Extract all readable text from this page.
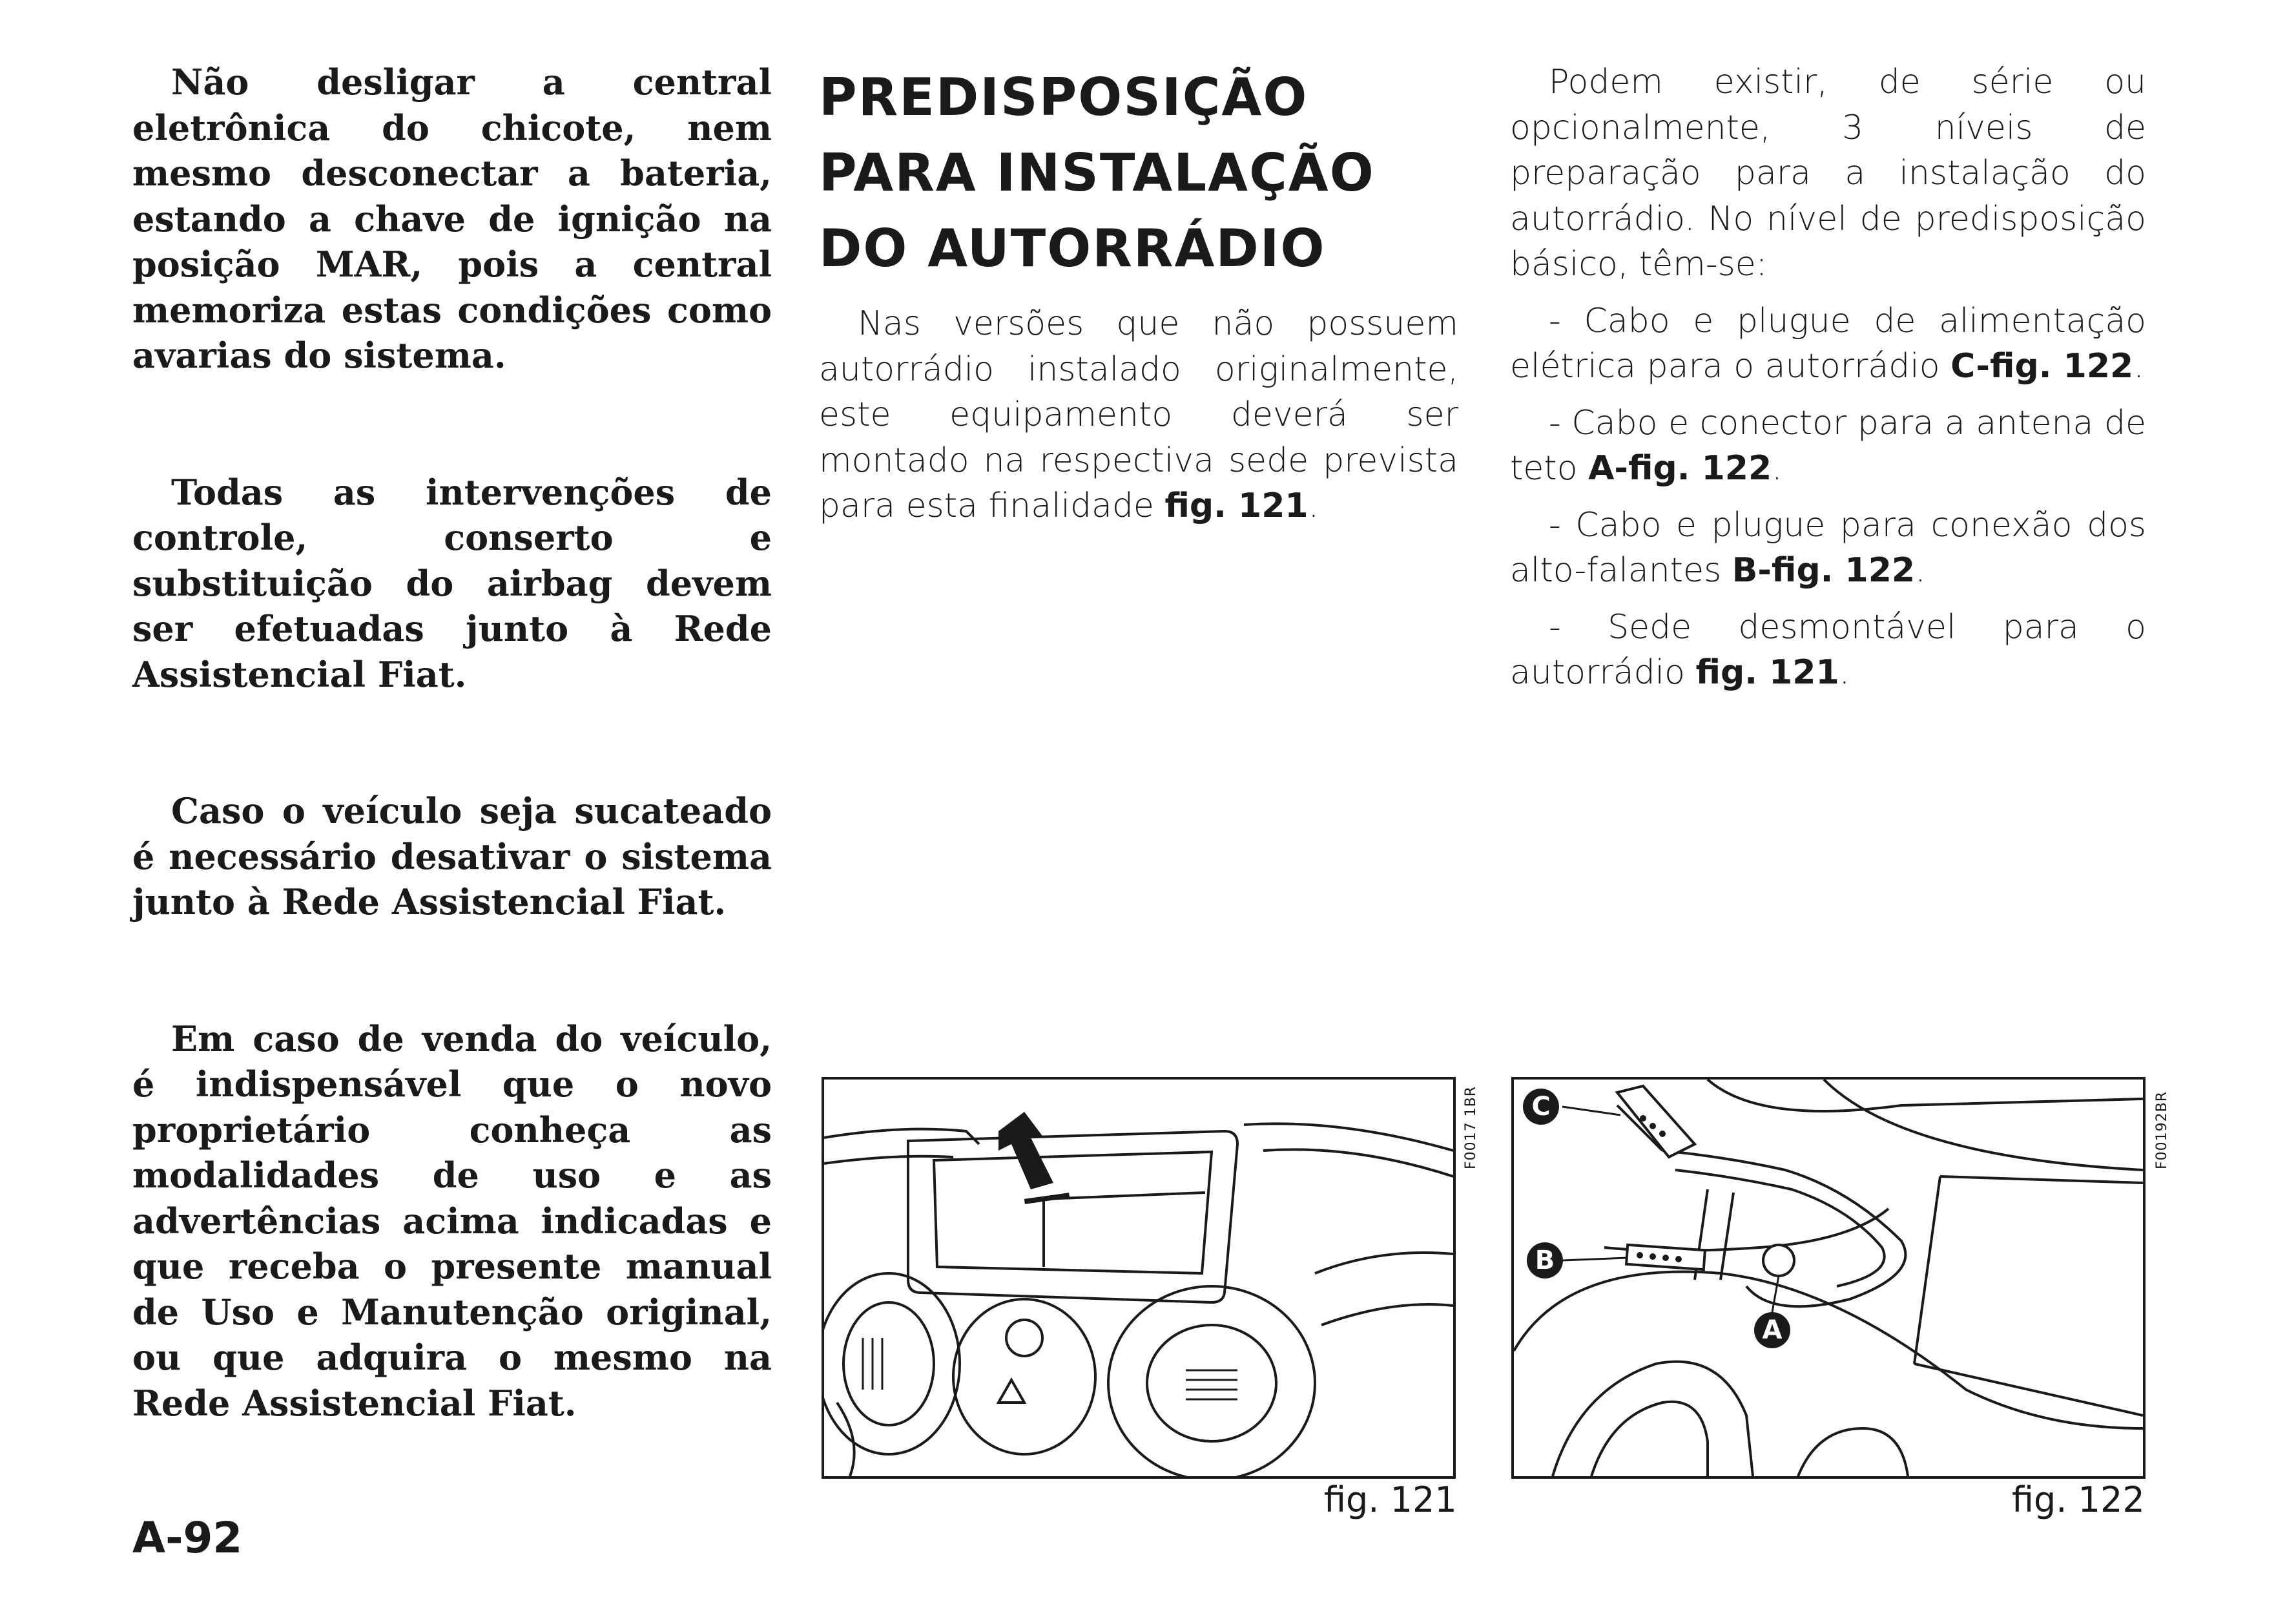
Não desligar a central eletrônica do chicote, nem mesmo desconectar a bateria, estando a chave de ignição na posição MAR, pois a central memoriza estas condições como avarias do sistema.

Todas as intervenções de controle, conserto e substituição do airbag devem ser efetuadas junto à Rede Assistencial Fiat.

Caso o veículo seja sucateado é necessário desativar o sistema junto à Rede Assistencial Fiat.

Em caso de venda do veículo, é indispensável que o novo proprietário conheça as modalidades de uso e as advertências acima indicadas e que receba o presente manual de Uso e Manutenção original, ou que adquira o mesmo na Rede Assistencial Fiat.

PREDISPOSIÇÃO
PARA INSTALAÇÃO
DO AUTORRÁDIO

Nas versões que não possuem autorrádio instalado originalmente, este equipamento deverá ser montado na respectiva sede prevista para esta finalidade fig. 121.

Podem existir, de série ou opcionalmente, 3 níveis de preparação para a instalação do autorrádio. No nível de predisposição básico, têm-se:

- Cabo e plugue de alimentação elétrica para o autorrádio C-fig. 122.

- Cabo e conector para a antena de teto A-fig. 122.

- Cabo e plugue para conexão dos alto-falantes B-fig. 122.

- Sede desmontável para o autorrádio fig. 121.

fig. 121
F0017 1BR	C
B
A
fig. 122
F00192BR
A-92
